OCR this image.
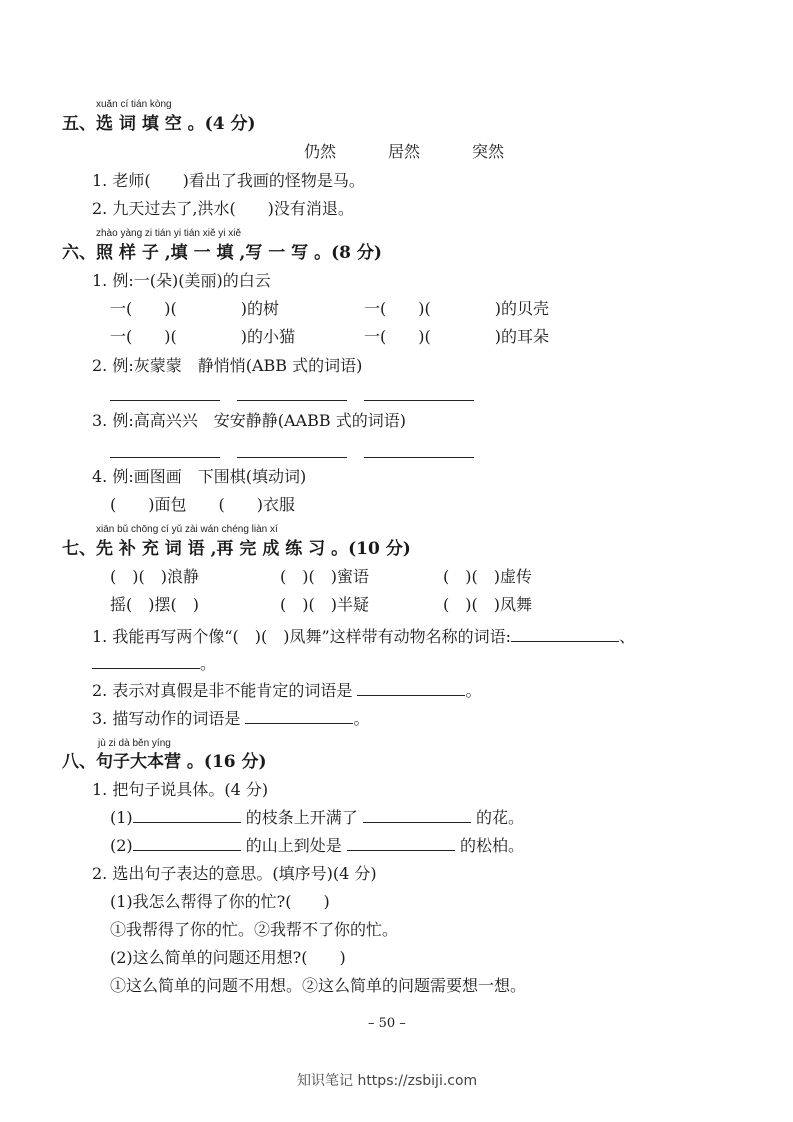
xuǎn cí tián kòng
五、选 词 填 空 。(4 分)
仍然	居然	突然
1. 老师(　　)看出了我画的怪物是马。
2. 九天过去了,洪水(　　)没有消退。
zhào yàng zi tián yi tián xiě yi xiě
六、照 样 子 ,填 一 填 ,写 一 写 。(8 分)
1. 例:一(朵)(美丽)的白云
一(　　)(　　　　)的树	一(　　)(　　　　)的贝壳
一(　　)(　　　　)的小猫	一(　　)(　　　　)的耳朵
2. 例:灰蒙蒙　静悄悄(ABB 式的词语)
3. 例:高高兴兴　安安静静(AABB 式的词语)
4. 例:画图画　下围棋(填动词)
(　　)面包　　(　　)衣服
xiān bǔ chōng cí yǔ zài wán chéng liàn xí
七、先 补 充 词 语 ,再 完 成 练 习 。(10 分)
(　)(　)浪静	(　)(　)蜜语	(　)(　)虚传
摇(　)摆(　)	(　)(　)半疑	(　)(　)凤舞
1. 我能再写两个像“(　)(　)凤舞”这样带有动物名称的词语:	、
。
2. 表示对真假是非不能肯定的词语是	。
3. 描写动作的词语是	。
jù zi dà běn yíng
八、句子大本营 。(16 分)
1. 把句子说具体。(4 分)
(1)	的枝条上开满了	的花。
(2)	的山上到处是	的松柏。
2. 选出句子表达的意思。(填序号)(4 分)
(1)我怎么帮得了你的忙?(　　)
①我帮得了你的忙。②我帮不了你的忙。
(2)这么简单的问题还用想?(　　)
①这么简单的问题不用想。②这么简单的问题需要想一想。
– 50 –
知识笔记 https://zsbiji.com
